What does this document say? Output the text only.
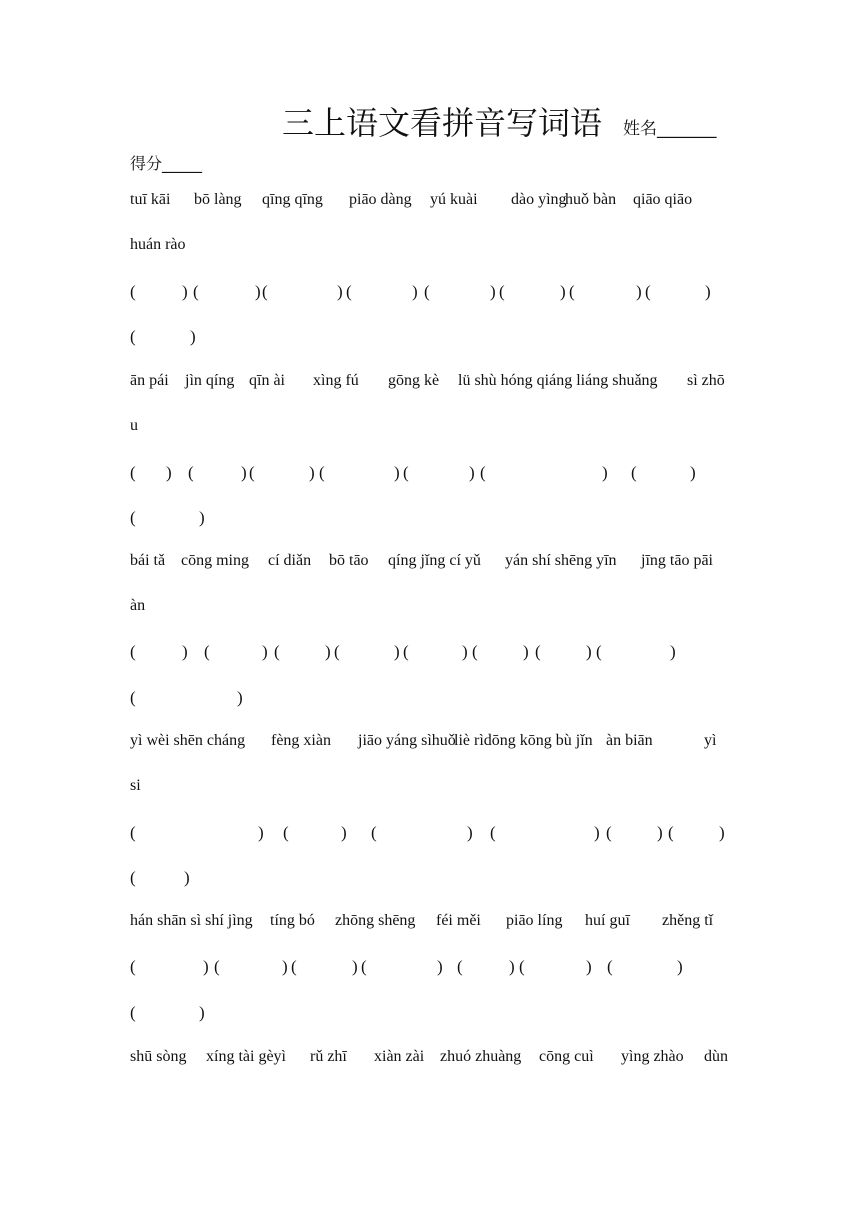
三上语文看拼音写词语 姓名_______
得分_____
tuī kāi bō làng qīng qīng piāo dàng yú kuài dào yìng
huǒ bàn qiāo qiāo
huán rào
(	) (	) (	) (	) (	) (	) (	) (	)
(	)
ān pái jìn qíng qīn ài xìng fú gōng kè lü shù hóng qiáng liáng shuǎng sì zhō
u
( ) (	) (	) (	) (	) (	) (	)
(	)
bái tǎ cōng ming cí diǎn bō tāo qíng jǐng cí yǔ yán shí shēng yīn jīng tāo pāi
àn
(	) (	) (	) (	) (	) (	) (	) (	)
(	)
yì wèi shēn cháng fèng xiàn jiāo yáng sìhuǒ
liè rìdōng kōng bù jǐn àn biān	yì
si
(	) (	) (	) (	) (	) (	)
(	)
hán shān sì shí jìng tíng bó zhōng shēng féi měi piāo líng huí guī zhěng tǐ
(	) (	) (	) (	) (	) (	) (	)
(	)
shū sòng xíng tài gèyì rǔ zhī xiàn zài zhuó zhuàng cōng cuì yìng zhào dùn
